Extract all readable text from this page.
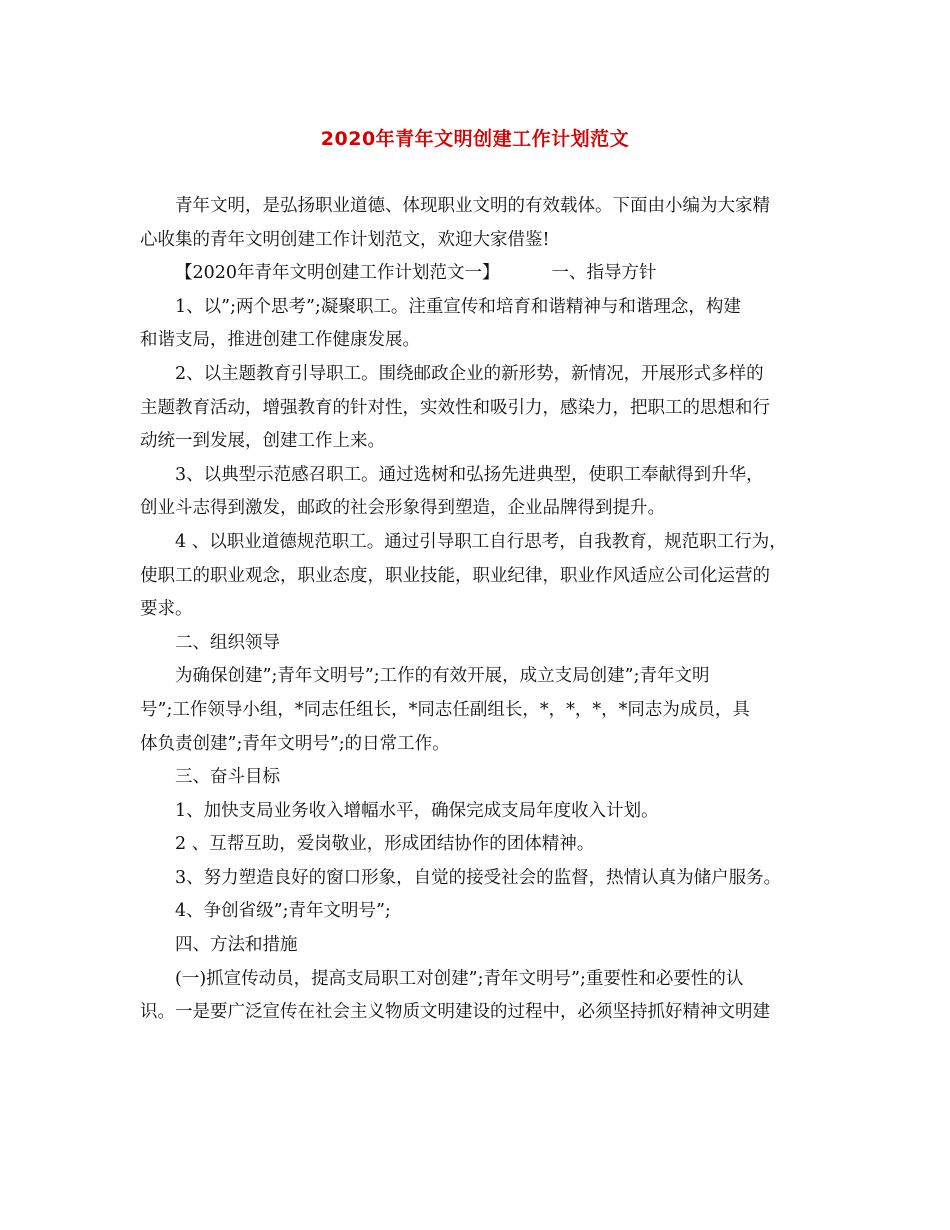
2020年青年文明创建工作计划范文

青年文明，是弘扬职业道德、体现职业文明的有效载体。下面由小编为大家精
心收集的青年文明创建工作计划范文，欢迎大家借鉴!

【2020年青年文明创建工作计划范文一】	一、指导方针

1、以”;两个思考”;凝聚职工。注重宣传和培育和谐精神与和谐理念，构建
和谐支局，推进创建工作健康发展。

2、以主题教育引导职工。围绕邮政企业的新形势，新情况，开展形式多样的
主题教育活动，增强教育的针对性，实效性和吸引力，感染力，把职工的思想和行
动统一到发展，创建工作上来。

3、以典型示范感召职工。通过选树和弘扬先进典型，使职工奉献得到升华，
创业斗志得到激发，邮政的社会形象得到塑造，企业品牌得到提升。

4 、以职业道德规范职工。通过引导职工自行思考，自我教育，规范职工行为，
使职工的职业观念，职业态度，职业技能，职业纪律，职业作风适应公司化运营的
要求。

二、组织领导

为确保创建”;青年文明号”;工作的有效开展，成立支局创建”;青年文明
号”;工作领导小组，*同志任组长，*同志任副组长，*，*，*，*同志为成员，具
体负责创建”;青年文明号”;的日常工作。

三、奋斗目标

1、加快支局业务收入增幅水平，确保完成支局年度收入计划。

2 、互帮互助，爱岗敬业，形成团结协作的团体精神。

3、努力塑造良好的窗口形象，自觉的接受社会的监督，热情认真为储户服务。

4、争创省级”;青年文明号”;

四、方法和措施

(一)抓宣传动员，提高支局职工对创建”;青年文明号”;重要性和必要性的认
识。一是要广泛宣传在社会主义物质文明建设的过程中，必须坚持抓好精神文明建
